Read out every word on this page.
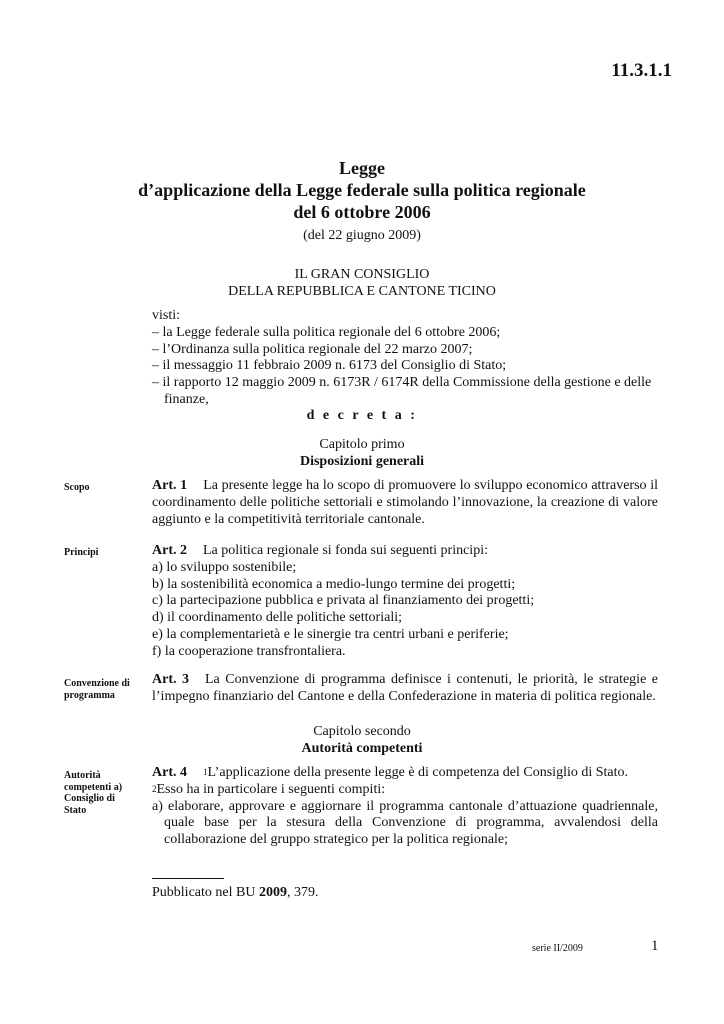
11.3.1.1
Legge
d’applicazione della Legge federale sulla politica regionale
del 6 ottobre 2006
(del 22 giugno 2009)
IL GRAN CONSIGLIO
DELLA REPUBBLICA E CANTONE TICINO
visti:
– la Legge federale sulla politica regionale del 6 ottobre 2006;
– l’Ordinanza sulla politica regionale del 22 marzo 2007;
– il messaggio 11 febbraio 2009 n. 6173 del Consiglio di Stato;
– il rapporto 12 maggio 2009 n. 6173R / 6174R della Commissione della gestione e delle finanze,
d e c r e t a :
Capitolo primo
Disposizioni generali
Scopo	Art. 1 La presente legge ha lo scopo di promuovere lo sviluppo economico attraverso il coordinamento delle politiche settoriali e stimolando l’innovazione, la creazione di valore aggiunto e la competitività territoriale cantonale.
Principi	Art. 2 La politica regionale si fonda sui seguenti principi:
a) lo sviluppo sostenibile;
b) la sostenibilità economica a medio-lungo termine dei progetti;
c) la partecipazione pubblica e privata al finanziamento dei progetti;
d) il coordinamento delle politiche settoriali;
e) la complementarietà e le sinergie tra centri urbani e periferie;
f) la cooperazione transfrontaliera.
Convenzione di programma
Art. 3 La Convenzione di programma definisce i contenuti, le priorità, le strategie e l’impegno finanziario del Cantone e della Confederazione in materia di politica regionale.
Capitolo secondo
Autorità competenti
Autorità competenti a) Consiglio di Stato
Art. 4 $^1$L’applicazione della presente legge è di competenza del Consiglio di Stato.
$^2$Esso ha in particolare i seguenti compiti:
a) elaborare, approvare e aggiornare il programma cantonale d’attuazione quadriennale, quale base per la stesura della Convenzione di programma, avvalendosi della collaborazione del gruppo strategico per la politica regionale;
Pubblicato nel BU 2009, 379.
serie II/2009	1
